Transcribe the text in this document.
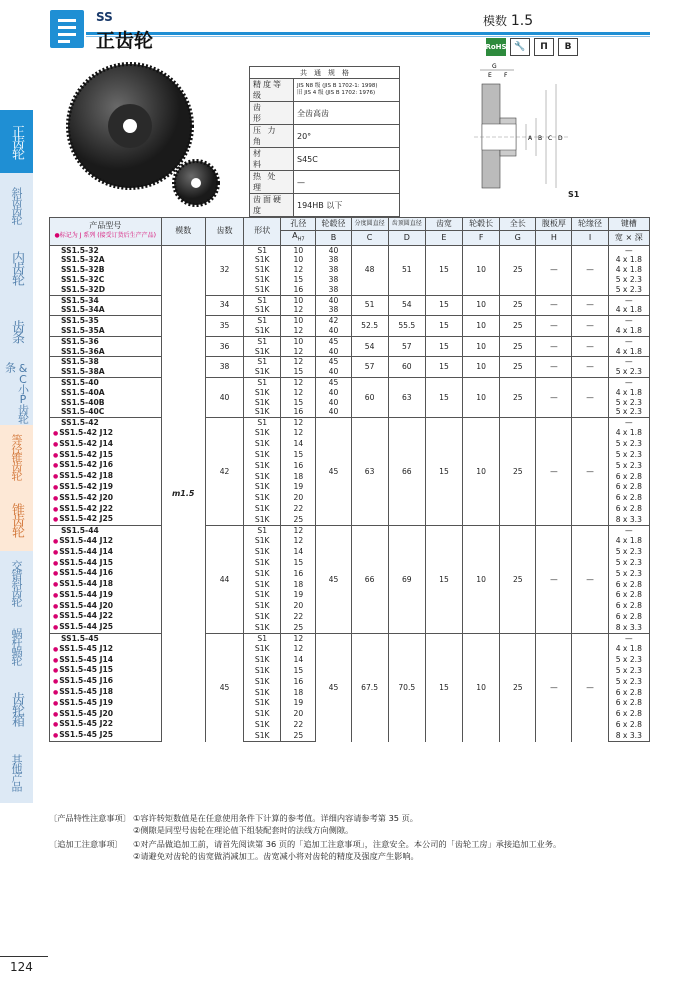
SS
正齿轮
模数 1.5
RoHS 🔧	Π	B
共　通　规　格	
精度等级	JIS N8 级 (JIS B 1702-1: 1998)
旧 JIS 4 级 (JIS B 1702: 1976)

齿　　形	全齿高齿
压 力 角	20°
材　　料	S45C
热 处 理	—
齿面硬度	194HB 以下
G
E F
A B C D
S1
正齿轮
斜齿齿轮
内齿轮
齿条
&C小P齿轮条
等径锥齿轮
锥齿轮
交错斜齿轮
蜗杆蜗轮
齿轮箱
其他产品
产品型号
●标记为 J 系列 (接受订货后生产产品)	模数	齿数	形状	孔径	轮毂径	分度圆直径	齿顶圆直径	齿宽	轮毂长	全长	腹板厚	轮缘径	键槽
				$A_{H7}$	B	C	D	E	F	G	H	I	宽 × 深
SS1.5-32	m1.5	32	S1	10	40	48	51	15	10	25	—	—	—
SS1.5-32A			S1K	10	38								4 x 1.8
SS1.5-32B			S1K	12	38								4 x 1.8
SS1.5-32C			S1K	15	38								5 x 2.3
SS1.5-32D			S1K	16	38								5 x 2.3
SS1.5-34		34	S1	10	40	51	54	15	10	25	—	—	—
SS1.5-34A			S1K	12	38								4 x 1.8
SS1.5-35		35	S1	10	42	52.5	55.5	15	10	25	—	—	—
SS1.5-35A			S1K	12	40								4 x 1.8
SS1.5-36		36	S1	10	45	54	57	15	10	25	—	—	—
SS1.5-36A			S1K	12	40								4 x 1.8
SS1.5-38		38	S1	12	45	57	60	15	10	25	—	—	—
SS1.5-38A			S1K	15	40								5 x 2.3
SS1.5-40		40	S1	12	45	60	63	15	10	25	—	—	—
SS1.5-40A			S1K	12	40								4 x 1.8
SS1.5-40B			S1K	15	40								5 x 2.3
SS1.5-40C			S1K	16	40								5 x 2.3
SS1.5-42		42	S1	12	45	63	66	15	10	25	—	—	—
● SS1.5-42 J12			S1K	12									4 x 1.8
● SS1.5-42 J14			S1K	14									5 x 2.3
● SS1.5-42 J15			S1K	15									5 x 2.3
● SS1.5-42 J16			S1K	16									5 x 2.3
● SS1.5-42 J18			S1K	18									6 x 2.8
● SS1.5-42 J19			S1K	19									6 x 2.8
● SS1.5-42 J20			S1K	20									6 x 2.8
● SS1.5-42 J22			S1K	22									6 x 2.8
● SS1.5-42 J25			S1K	25									8 x 3.3
SS1.5-44		44	S1	12	45	66	69	15	10	25	—	—	—
● SS1.5-44 J12			S1K	12									4 x 1.8
● SS1.5-44 J14			S1K	14									5 x 2.3
● SS1.5-44 J15			S1K	15									5 x 2.3
● SS1.5-44 J16			S1K	16									5 x 2.3
● SS1.5-44 J18			S1K	18									6 x 2.8
● SS1.5-44 J19			S1K	19									6 x 2.8
● SS1.5-44 J20			S1K	20									6 x 2.8
● SS1.5-44 J22			S1K	22									6 x 2.8
● SS1.5-44 J25			S1K	25									8 x 3.3
SS1.5-45		45	S1	12	45	67.5	70.5	15	10	25	—	—	—
● SS1.5-45 J12			S1K	12									4 x 1.8
● SS1.5-45 J14			S1K	14									5 x 2.3
● SS1.5-45 J15			S1K	15									5 x 2.3
● SS1.5-45 J16			S1K	16									5 x 2.3
● SS1.5-45 J18			S1K	18									6 x 2.8
● SS1.5-45 J19			S1K	19									6 x 2.8
● SS1.5-45 J20			S1K	20									6 x 2.8
● SS1.5-45 J22			S1K	22									6 x 2.8
● SS1.5-45 J25			S1K	25									8 x 3.3
〔产品特性注意事项〕 ①容许转矩数值是在任意使用条件下计算的参考值。详细内容请参考第 35 页。
②侧隙是同型号齿轮在理论值下组装配套时的法线方向侧隙。
〔追加工注意事项〕	①对产品做追加工前，请首先阅读第 36 页的「追加工注意事项」，注意安全。本公司的「齿轮工房」承接追加工业务。
②请避免对齿轮的齿宽做消减加工。齿宽减小将对齿轮的精度及强度产生影响。
124
